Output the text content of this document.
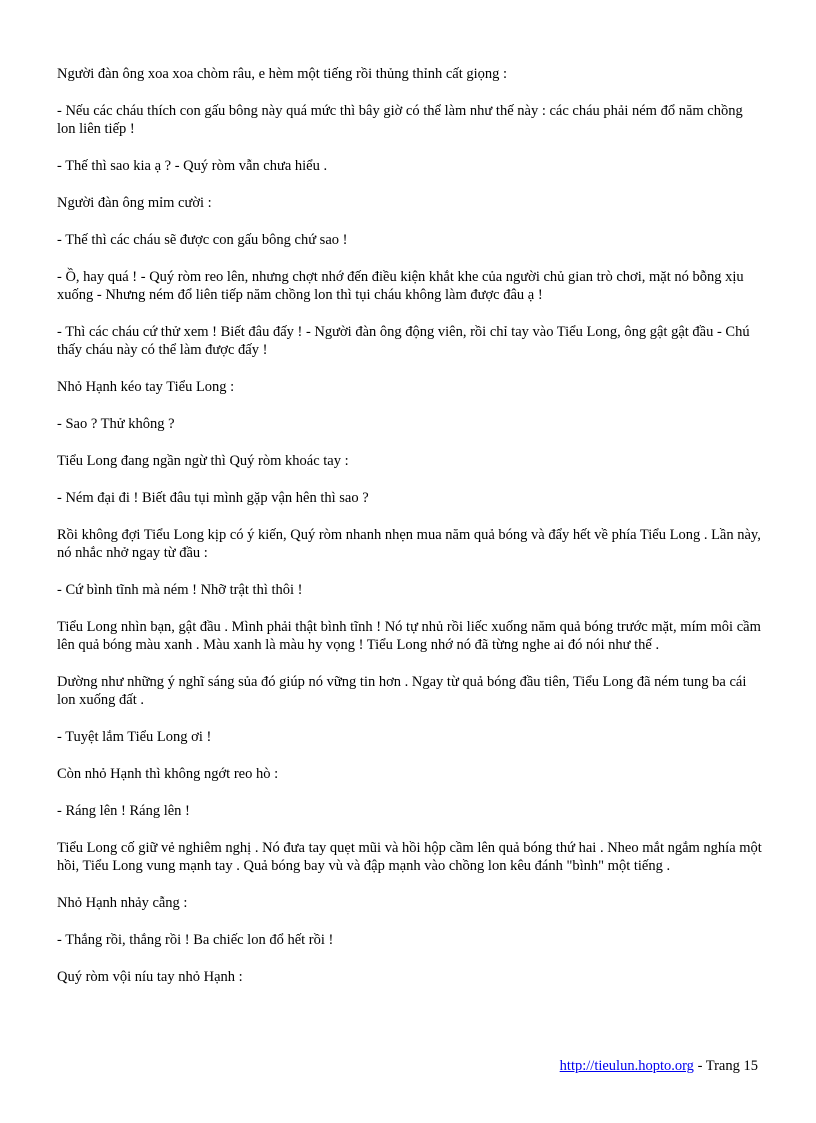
Người đàn ông xoa xoa chòm râu, e hèm một tiếng rồi thủng thỉnh cất giọng :

- Nếu các cháu thích con gấu bông này quá mức thì bây giờ có thể làm như thế này : các cháu phải ném đổ năm chồng lon liên tiếp !

- Thế thì sao kia ạ ? - Quý ròm vẫn chưa hiểu .

Người đàn ông mỉm cười :

- Thế thì các cháu sẽ được con gấu bông chứ sao !

- Ồ, hay quá ! - Quý ròm reo lên, nhưng chợt nhớ đến điều kiện khắt khe của người chủ gian trò chơi, mặt nó bỗng xịu xuống - Nhưng ném đổ liên tiếp năm chồng lon thì tụi cháu không làm được đâu ạ !

- Thì các cháu cứ thử xem ! Biết đâu đấy ! - Người đàn ông động viên, rồi chỉ tay vào Tiểu Long, ông gật gật đầu - Chú thấy cháu này có thể làm được đấy !

Nhỏ Hạnh kéo tay Tiểu Long :

- Sao ? Thử không ?

Tiểu Long đang ngần ngừ thì Quý ròm khoác tay :

- Ném đại đi ! Biết đâu tụi mình gặp vận hên thì sao ?

Rồi không đợi Tiểu Long kịp có ý kiến, Quý ròm nhanh nhẹn mua năm quả bóng và đẩy hết về phía Tiểu Long . Lần này, nó nhắc nhở ngay từ đầu :

- Cứ bình tĩnh mà ném ! Nhỡ trật thì thôi !

Tiểu Long nhìn bạn, gật đầu . Mình phải thật bình tĩnh ! Nó tự nhủ rồi liếc xuống năm quả bóng trước mặt, mím môi cầm lên quả bóng màu xanh . Màu xanh là màu hy vọng ! Tiểu Long nhớ nó đã từng nghe ai đó nói như thế .

Dường như những ý nghĩ sáng sủa đó giúp nó vững tin hơn . Ngay từ quả bóng đầu tiên, Tiểu Long đã ném tung ba cái lon xuống đất .

- Tuyệt lắm Tiểu Long ơi !

Còn nhỏ Hạnh thì không ngớt reo hò :

- Ráng lên ! Ráng lên !

Tiểu Long cố giữ vẻ nghiêm nghị . Nó đưa tay quẹt mũi và hồi hộp cầm lên quả bóng thứ hai . Nheo mắt ngắm nghía một hồi, Tiểu Long vung mạnh tay . Quả bóng bay vù và đập mạnh vào chồng lon kêu đánh "bình" một tiếng .

Nhỏ Hạnh nhảy cẫng :

- Thắng rồi, thắng rồi ! Ba chiếc lon đổ hết rồi !

Quý ròm vội níu tay nhỏ Hạnh :

http://tieulun.hopto.org - Trang 15
